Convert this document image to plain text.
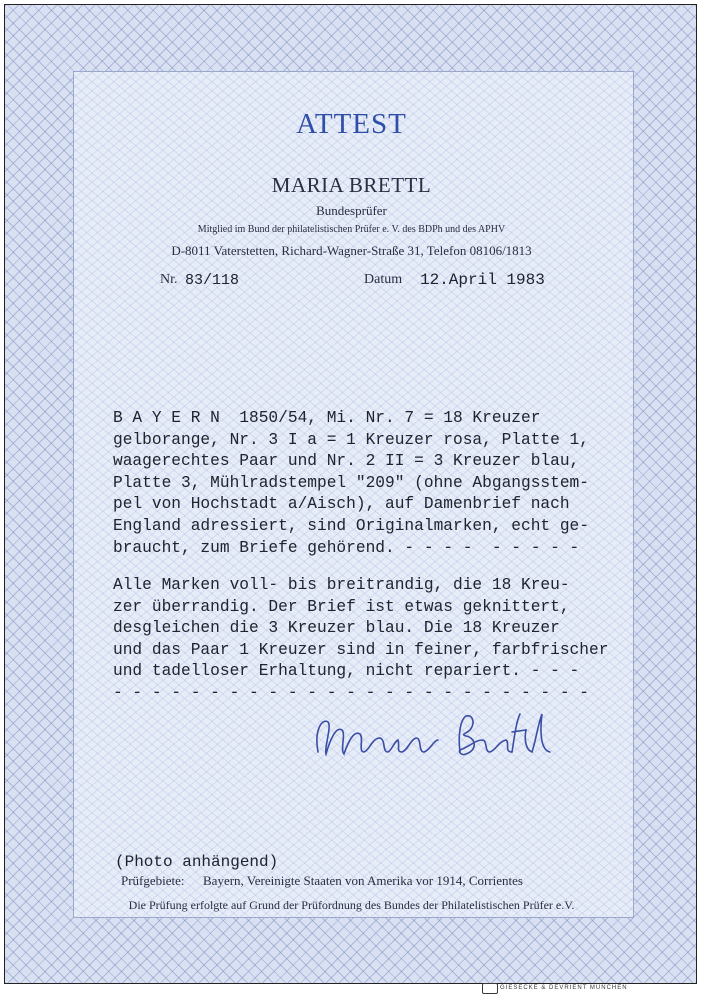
ATTEST
MARIA BRETTL
Bundesprüfer
Mitglied im Bund der philatelistischen Prüfer e. V. des BDPh und des APHV
D-8011 Vaterstetten, Richard-Wagner-Straße 31, Telefon 08106/1813
Nr. 83/118	Datum 12.April 1983
B A Y E R N  1850/54, Mi. Nr. 7 = 18 Kreuzer
gelborange, Nr. 3 I a = 1 Kreuzer rosa, Platte 1,
waagerechtes Paar und Nr. 2 II = 3 Kreuzer blau,
Platte 3, Mühlradstempel "209" (ohne Abgangsstem-
pel von Hochstadt a/Aisch), auf Damenbrief nach
England adressiert, sind Originalmarken, echt ge-
braucht, zum Briefe gehörend. - - - -  - - - - -
Alle Marken voll- bis breitrandig, die 18 Kreu-
zer überrandig. Der Brief ist etwas geknittert,
desgleichen die 3 Kreuzer blau. Die 18 Kreuzer
und das Paar 1 Kreuzer sind in feiner, farbfrischer
und tadelloser Erhaltung, nicht repariert. - - -
- - - - - - - - - - - - - - - - - - - - - - - - -
(Photo anhängend)
Prüfgebiete: Bayern, Vereinigte Staaten von Amerika vor 1914, Corrientes
Die Prüfung erfolgte auf Grund der Prüfordnung des Bundes der Philatelistischen Prüfer e.V.
GIESECKE & DEVRIENT MÜNCHEN
